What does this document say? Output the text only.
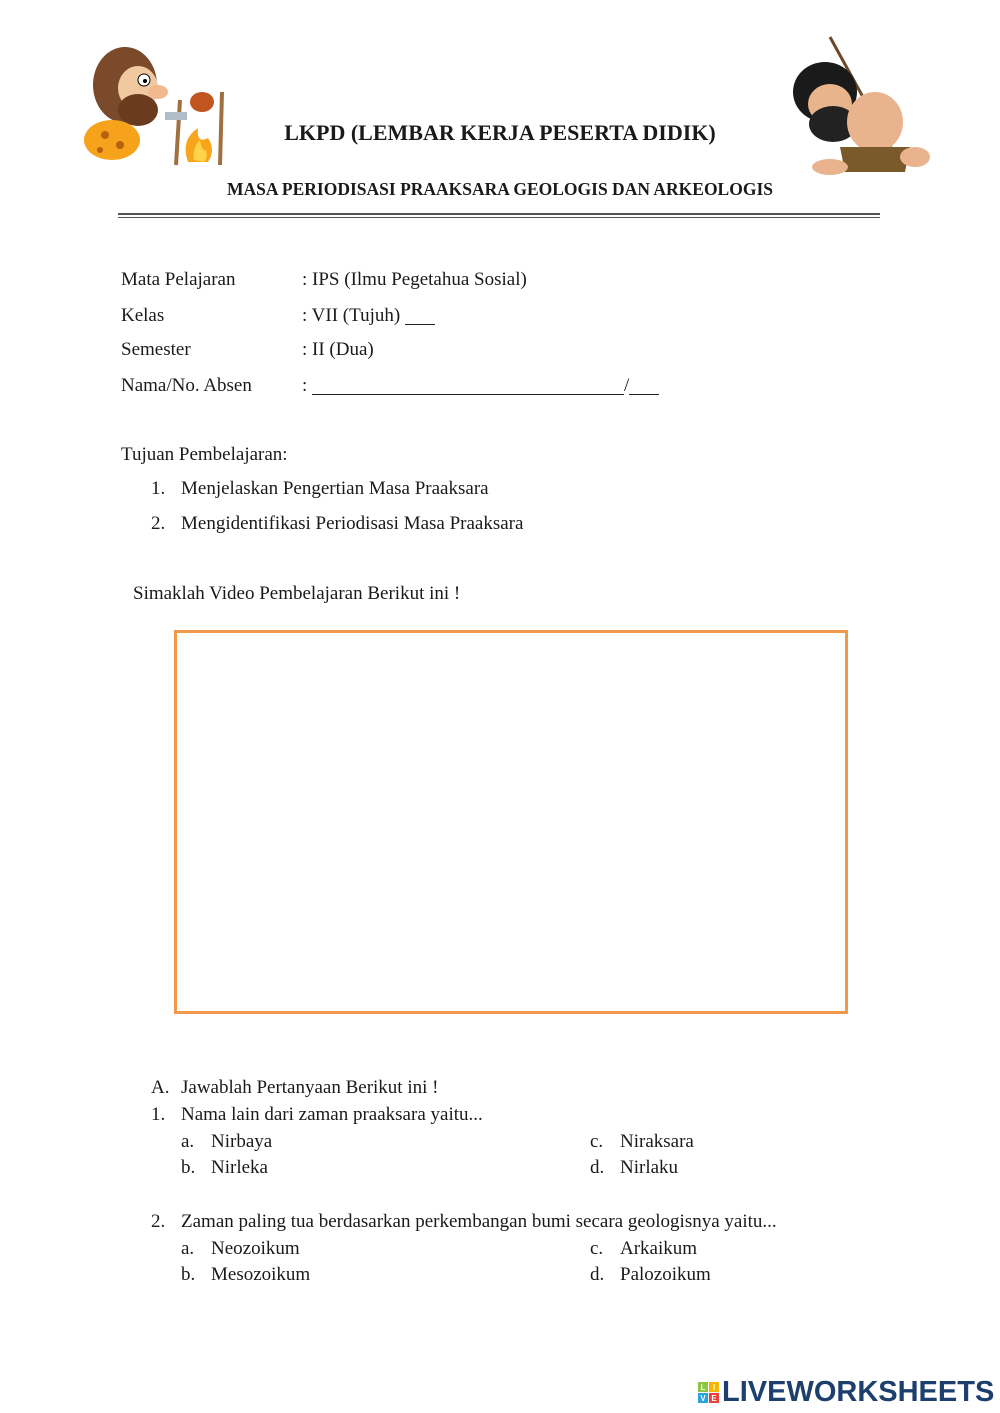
LKPD (LEMBAR KERJA PESERTA DIDIK)
MASA PERIODISASI PRAAKSARA GEOLOGIS DAN ARKEOLOGIS
Mata Pelajaran	: IPS (Ilmu Pegetahua Sosial)
Kelas	: VII (Tujuh)
Semester	: II (Dua)
Nama/No. Absen	:	/
Tujuan Pembelajaran:
1. Menjelaskan Pengertian Masa Praaksara
2. Mengidentifikasi Periodisasi Masa Praaksara
Simaklah Video Pembelajaran Berikut ini !
A. Jawablah Pertanyaan Berikut ini !
1. Nama lain dari zaman praaksara yaitu...
a. Nirbaya
b. Nirleka
c. Niraksara
d. Nirlaku
2. Zaman paling tua berdasarkan perkembangan bumi secara geologisnya yaitu...
a. Neozoikum
b. Mesozoikum
c. Arkaikum
d. Palozoikum
L I
V E LIVEWORKSHEETS
